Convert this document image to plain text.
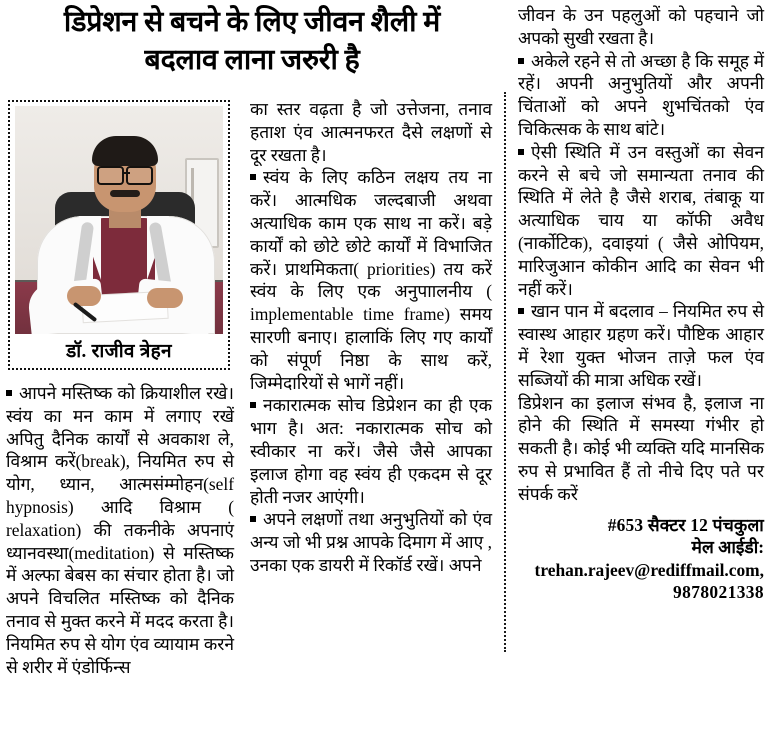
डिप्रेशन से बचने के लिए जीवन शैली में
बदलाव लाना जरुरी है
डॉ. राजीव त्रेहन

आपने मस्तिष्क को क्रियाशील रखे। स्वंय का मन काम में लगाए रखें अपितु दैनिक कार्यों से अवकाश ले, विश्राम करें(break), नियमित रुप से योग, ध्यान, आत्मसंम्मोहन(self hypnosis) आदि विश्राम ( relaxation) की तकनीके अपनाएं ध्यानवस्था(meditation) से मस्तिष्क में अल्फा बेबस का संचार होता है। जो अपने विचलित मस्तिष्क को दैनिक तनाव से मुक्त करने में मदद करता है। नियमित रुप से योग एंव व्यायाम करने से शरीर में एंडोर्फिन्स

का स्तर वढ़ता है जो उत्तेजना, तनाव हताश एंव आत्मनफरत दैसे लक्षणों से दूर रखता है।

स्वंय के लिए कठिन लक्षय तय ना करें। आत्मधिक जल्दबाजी अथवा अत्याधिक काम एक साथ ना करें। बड़े कार्यों को छोटे छोटे कार्यों में विभाजित करें। प्राथमिकता( priorities) तय करें स्वंय के लिए एक अनुपाालनीय ( implementable time frame) समय सारणी बनाए। हालाकिं लिए गए कार्यों को संपूर्ण निष्ठा के साथ करें, जिम्मेदारियों से भागें नहीं।

नकारात्मक सोच डिप्रेशन का ही एक भाग है। अत: नकारात्मक सोच को स्वीकार ना करें। जैसे जैसे आपका इलाज होगा वह स्वंय ही एकदम से दूर होती नजर आएंगी।

अपने लक्षणों तथा अनुभुतियों को एंव अन्य जो भी प्रश्न आपके दिमाग में आए , उनका एक डायरी में रिकॉर्ड रखें। अपने

जीवन के उन पहलुओं को पहचाने जो अपको सुखी रखता है।

अकेले रहने से तो अच्छा है कि समूह में रहें। अपनी अनुभुतियों और अपनी चिंताओं को अपने शुभचिंतको एंव चिकित्सक के साथ बांटे।

ऐसी स्थिति में उन वस्तुओं का सेवन करने से बचे जो समान्यता तनाव की स्थिति में लेते है जैसे शराब, तंबाकू या अत्याधिक चाय या कॉफी अवैध (नार्कोटिक), दवाइयां ( जैसे ओपियम, मारिजुआन कोकीन आदि का सेवन भी नहीं करें।

खान पान में बदलाव – नियमित रुप से स्वास्थ आहार ग्रहण करें। पौष्टिक आहार में रेशा युक्त भोजन ताज़े फल एंव सब्जियों की मात्रा अधिक रखें।

डिप्रेशन का इलाज संभव है, इलाज ना होने की स्थिति में समस्या गंभीर हो सकती है। कोई भी व्यक्ति यदि मानसिक रुप से प्रभावित हैं तो नीचे दिए पते पर संपर्क करें

#653 सैक्टर 12 पंचकुला
मेल आईडी: trehan.rajeev@rediffmail.com,
9878021338
